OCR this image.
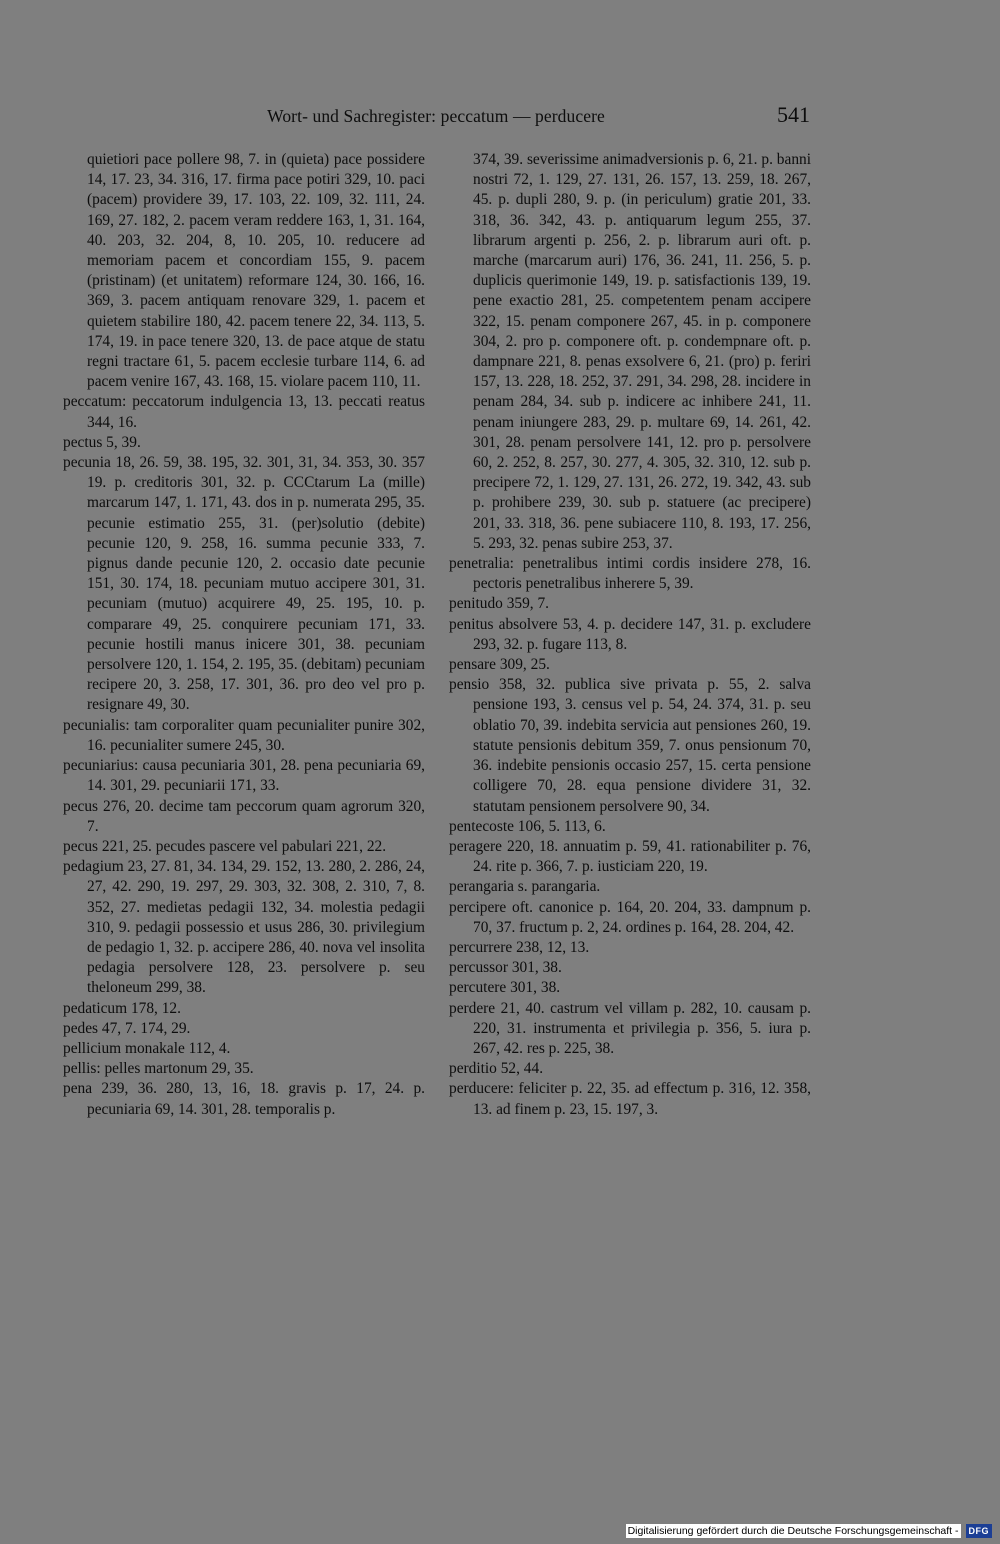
Wort- und Sachregister: peccatum — perducere	541

quietiori pace pollere 98, 7. in (quieta) pace possidere 14, 17. 23, 34. 316, 17. firma pace potiri 329, 10. paci (pacem) providere 39, 17. 103, 22. 109, 32. 111, 24. 169, 27. 182, 2. pacem veram reddere 163, 1, 31. 164, 40. 203, 32. 204, 8, 10. 205, 10. reducere ad memoriam pacem et concordiam 155, 9. pacem (pristinam) (et unitatem) reformare 124, 30. 166, 16. 369, 3. pacem antiquam renovare 329, 1. pacem et quietem stabilire 180, 42. pacem tenere 22, 34. 113, 5. 174, 19. in pace tenere 320, 13. de pace atque de statu regni tractare 61, 5. pacem ecclesie turbare 114, 6. ad pacem venire 167, 43. 168, 15. violare pacem 110, 11.

peccatum: peccatorum indulgencia 13, 13. peccati reatus 344, 16.

pectus 5, 39.

pecunia 18, 26. 59, 38. 195, 32. 301, 31, 34. 353, 30. 357 19. p. creditoris 301, 32. p. CCCtarum La (mille) marcarum 147, 1. 171, 43. dos in p. numerata 295, 35. pecunie estimatio 255, 31. (per)solutio (debite) pecunie 120, 9. 258, 16. summa pecunie 333, 7. pignus dande pecunie 120, 2. occasio date pecunie 151, 30. 174, 18. pecuniam mutuo accipere 301, 31. pecuniam (mutuo) acquirere 49, 25. 195, 10. p. comparare 49, 25. conquirere pecuniam 171, 33. pecunie hostili manus inicere 301, 38. pecuniam persolvere 120, 1. 154, 2. 195, 35. (debitam) pecuniam recipere 20, 3. 258, 17. 301, 36. pro deo vel pro p. resignare 49, 30.

pecunialis: tam corporaliter quam pecunialiter punire 302, 16. pecunialiter sumere 245, 30.

pecuniarius: causa pecuniaria 301, 28. pena pecuniaria 69, 14. 301, 29. pecuniarii 171, 33.

pecus 276, 20. decime tam peccorum quam agrorum 320, 7.

pecus 221, 25. pecudes pascere vel pabulari 221, 22.

pedagium 23, 27. 81, 34. 134, 29. 152, 13. 280, 2. 286, 24, 27, 42. 290, 19. 297, 29. 303, 32. 308, 2. 310, 7, 8. 352, 27. medietas pedagii 132, 34. molestia pedagii 310, 9. pedagii possessio et usus 286, 30. privilegium de pedagio 1, 32. p. accipere 286, 40. nova vel insolita pedagia persolvere 128, 23. persolvere p. seu theloneum 299, 38.

pedaticum 178, 12.

pedes 47, 7. 174, 29.

pellicium monakale 112, 4.

pellis: pelles martonum 29, 35.

pena 239, 36. 280, 13, 16, 18. gravis p. 17, 24. p. pecuniaria 69, 14. 301, 28. temporalis p.

374, 39. severissime animadversionis p. 6, 21. p. banni nostri 72, 1. 129, 27. 131, 26. 157, 13. 259, 18. 267, 45. p. dupli 280, 9. p. (in periculum) gratie 201, 33. 318, 36. 342, 43. p. antiquarum legum 255, 37. librarum argenti p. 256, 2. p. librarum auri oft. p. marche (marcarum auri) 176, 36. 241, 11. 256, 5. p. duplicis querimonie 149, 19. p. satisfactionis 139, 19. pene exactio 281, 25. competentem penam accipere 322, 15. penam componere 267, 45. in p. componere 304, 2. pro p. componere oft. p. condempnare oft. p. dampnare 221, 8. penas exsolvere 6, 21. (pro) p. feriri 157, 13. 228, 18. 252, 37. 291, 34. 298, 28. incidere in penam 284, 34. sub p. indicere ac inhibere 241, 11. penam iniungere 283, 29. p. multare 69, 14. 261, 42. 301, 28. penam persolvere 141, 12. pro p. persolvere 60, 2. 252, 8. 257, 30. 277, 4. 305, 32. 310, 12. sub p. precipere 72, 1. 129, 27. 131, 26. 272, 19. 342, 43. sub p. prohibere 239, 30. sub p. statuere (ac precipere) 201, 33. 318, 36. pene subiacere 110, 8. 193, 17. 256, 5. 293, 32. penas subire 253, 37.

penetralia: penetralibus intimi cordis insidere 278, 16. pectoris penetralibus inherere 5, 39.

penitudo 359, 7.

penitus absolvere 53, 4. p. decidere 147, 31. p. excludere 293, 32. p. fugare 113, 8.

pensare 309, 25.

pensio 358, 32. publica sive privata p. 55, 2. salva pensione 193, 3. census vel p. 54, 24. 374, 31. p. seu oblatio 70, 39. indebita servicia aut pensiones 260, 19. statute pensionis debitum 359, 7. onus pensionum 70, 36. indebite pensionis occasio 257, 15. certa pensione colligere 70, 28. equa pensione dividere 31, 32. statutam pensionem persolvere 90, 34.

pentecoste 106, 5. 113, 6.

peragere 220, 18. annuatim p. 59, 41. rationabiliter p. 76, 24. rite p. 366, 7. p. iusticiam 220, 19.

perangaria s. parangaria.

percipere oft. canonice p. 164, 20. 204, 33. dampnum p. 70, 37. fructum p. 2, 24. ordines p. 164, 28. 204, 42.

percurrere 238, 12, 13.

percussor 301, 38.

percutere 301, 38.

perdere 21, 40. castrum vel villam p. 282, 10. causam p. 220, 31. instrumenta et privilegia p. 356, 5. iura p. 267, 42. res p. 225, 38.

perditio 52, 44.

perducere: feliciter p. 22, 35. ad effectum p. 316, 12. 358, 13. ad finem p. 23, 15. 197, 3.

Digitalisierung gefördert durch die Deutsche Forschungsgemeinschaft -	DFG
